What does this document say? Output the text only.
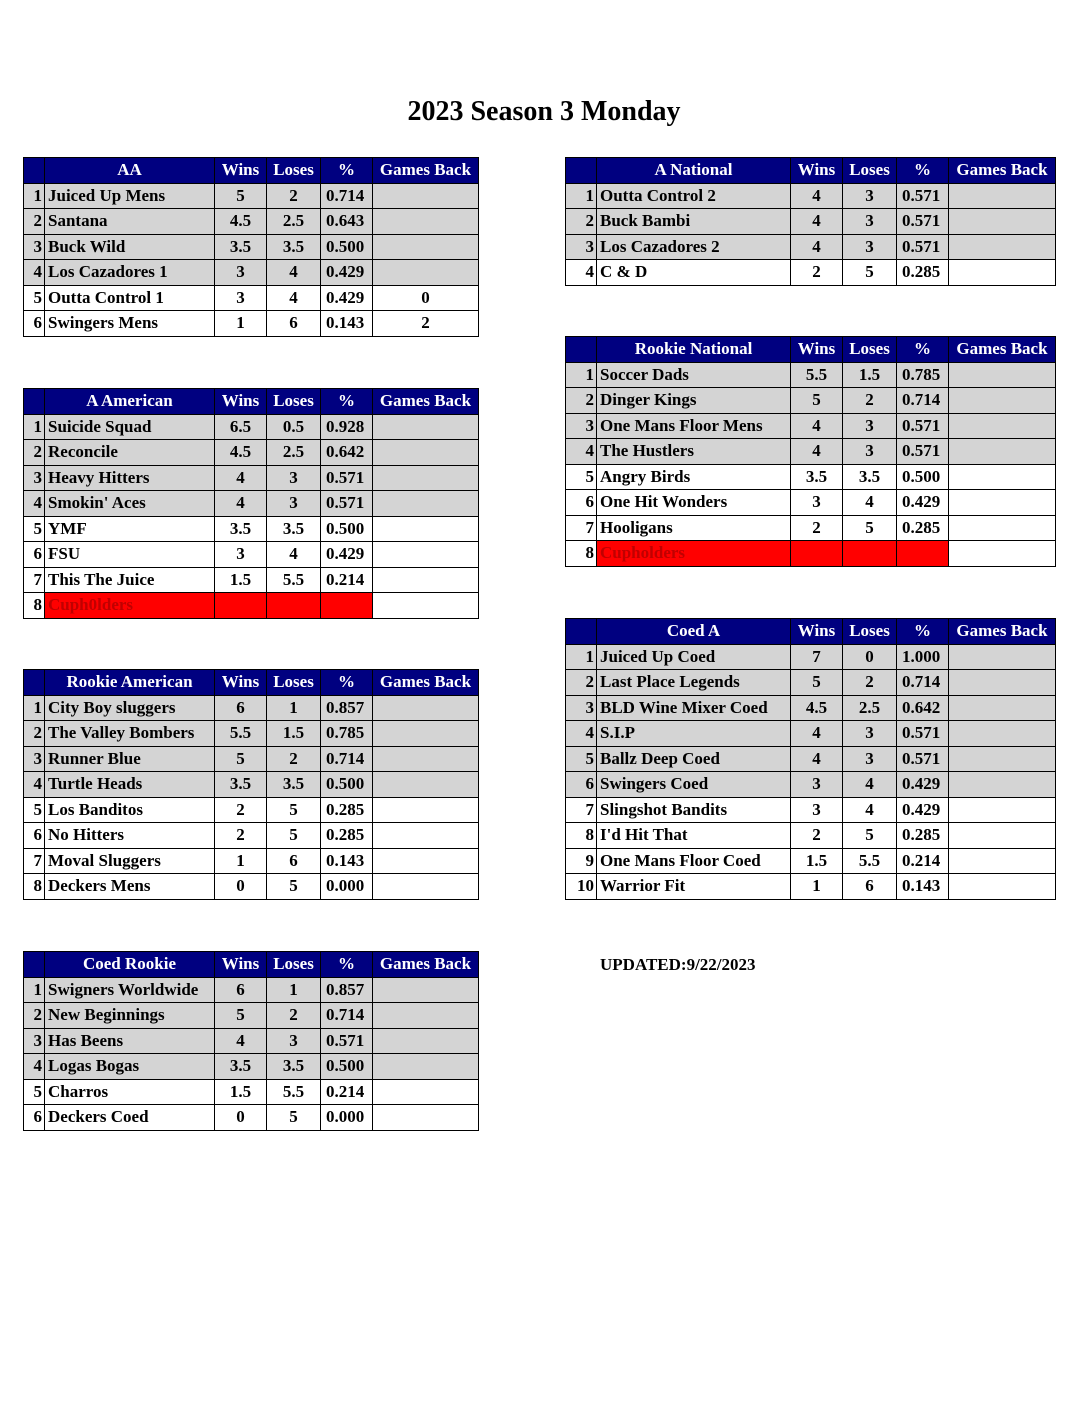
2023 Season 3 Monday
	AA	Wins	Loses	%	Games Back
1	Juiced Up Mens	5	2	0.714	
2	Santana	4.5	2.5	0.643	
3	Buck Wild	3.5	3.5	0.500	
4	Los Cazadores 1	3	4	0.429	
5	Outta Control 1	3	4	0.429	0
6	Swingers Mens	1	6	0.143	2
	A American	Wins	Loses	%	Games Back
1	Suicide Squad	6.5	0.5	0.928	
2	Reconcile	4.5	2.5	0.642	
3	Heavy Hitters	4	3	0.571	
4	Smokin' Aces	4	3	0.571	
5	YMF	3.5	3.5	0.500	
6	FSU	3	4	0.429	
7	This The Juice	1.5	5.5	0.214	
8	Cuph0lders				
	Rookie American	Wins	Loses	%	Games Back
1	City Boy sluggers	6	1	0.857	
2	The Valley Bombers	5.5	1.5	0.785	
3	Runner Blue	5	2	0.714	
4	Turtle Heads	3.5	3.5	0.500	
5	Los Banditos	2	5	0.285	
6	No Hitters	2	5	0.285	
7	Moval Sluggers	1	6	0.143	
8	Deckers Mens	0	5	0.000	
	Coed Rookie	Wins	Loses	%	Games Back
1	Swigners Worldwide	6	1	0.857	
2	New Beginnings	5	2	0.714	
3	Has Beens	4	3	0.571	
4	Logas Bogas	3.5	3.5	0.500	
5	Charros	1.5	5.5	0.214	
6	Deckers Coed	0	5	0.000	
	A National	Wins	Loses	%	Games Back
1	Outta Control 2	4	3	0.571	
2	Buck Bambi	4	3	0.571	
3	Los Cazadores 2	4	3	0.571	
4	C & D	2	5	0.285	
	Rookie National	Wins	Loses	%	Games Back
1	Soccer Dads	5.5	1.5	0.785	
2	Dinger Kings	5	2	0.714	
3	One Mans Floor Mens	4	3	0.571	
4	The Hustlers	4	3	0.571	
5	Angry Birds	3.5	3.5	0.500	
6	One Hit Wonders	3	4	0.429	
7	Hooligans	2	5	0.285	
8	Cupholders				
	Coed A	Wins	Loses	%	Games Back
1	Juiced Up Coed	7	0	1.000	
2	Last Place Legends	5	2	0.714	
3	BLD Wine Mixer Coed	4.5	2.5	0.642	
4	S.I.P	4	3	0.571	
5	Ballz Deep Coed	4	3	0.571	
6	Swingers Coed	3	4	0.429	
7	Slingshot Bandits	3	4	0.429	
8	I'd Hit That	2	5	0.285	
9	One Mans Floor Coed	1.5	5.5	0.214	
10	Warrior Fit	1	6	0.143	
UPDATED:9/22/2023
